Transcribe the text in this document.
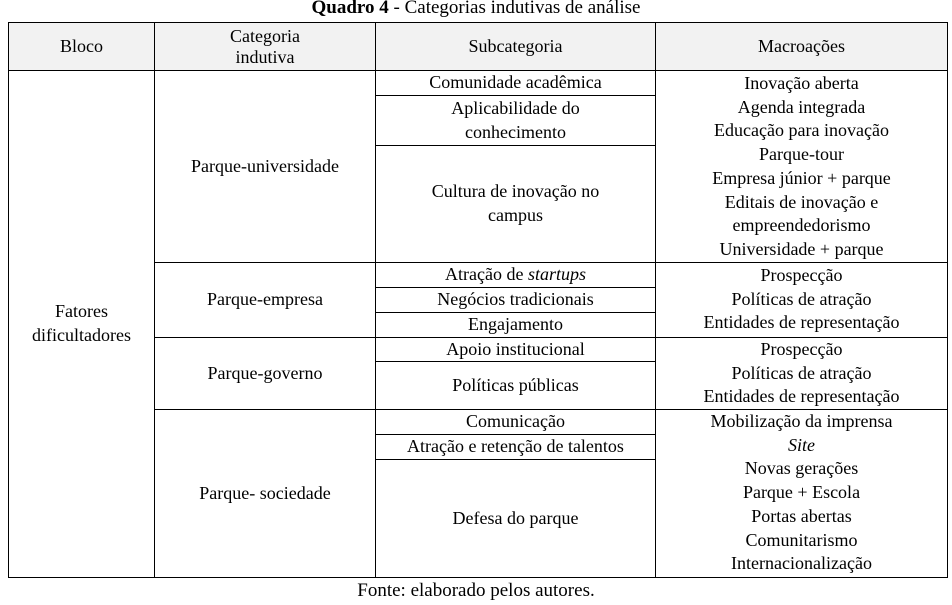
Quadro 4 - Categorias indutivas de análise
Bloco
Categoria indutiva
Subcategoria	Macroações
Fatores dificultadores
Parque-universidade
Comunidade acadêmica
Aplicabilidade do conhecimento
Cultura de inovação no campus
Inovação aberta
Agenda integrada
Educação para inovação
Parque-tour
Empresa júnior + parque
Editais de inovação e
empreendedorismo
Universidade + parque
Parque-empresa
Atração de startups
Negócios tradicionais
Engajamento
Prospecção
Políticas de atração
Entidades de representação
Parque-governo
Apoio institucional
Políticas públicas
Prospecção
Políticas de atração
Entidades de representação
Parque- sociedade
Comunicação
Atração e retenção de talentos
Defesa do parque
Mobilização da imprensa
Site
Novas gerações
Parque + Escola
Portas abertas
Comunitarismo
Internacionalização
Fonte: elaborado pelos autores.
